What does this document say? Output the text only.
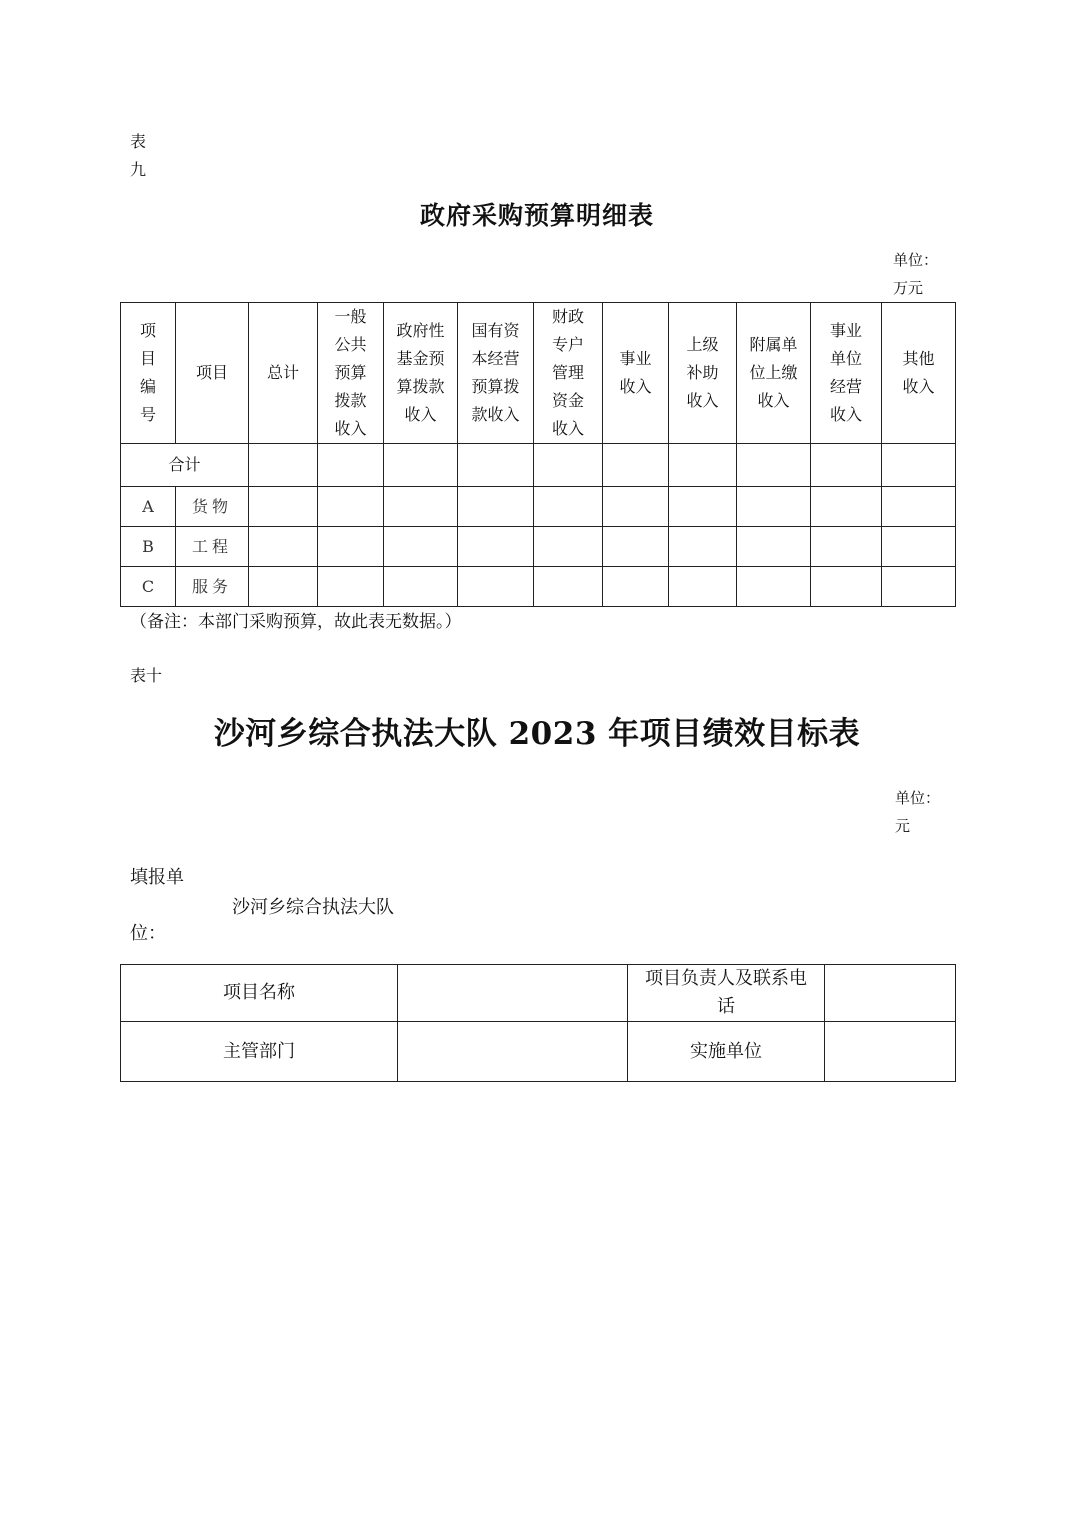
表
九
政府采购预算明细表
单位：
万元
项目编号	项目	总计	一般公共预算拨款收入	政府性基金预算拨款收入	国有资本经营预算拨款收入	财政专户管理资金收入	事业收入	上级补助收入	附属单位上缴收入	事业单位经营收入	其他收入
合计											
A	货物										
B	工程										
C	服务										
（备注：本部门采购预算，故此表无数据。）
表十
沙河乡综合执法大队 2023 年项目绩效目标表
单位：
元
填报单
沙河乡综合执法大队
位：
项目名称		项目负责人及联系电话	
主管部门		实施单位	
